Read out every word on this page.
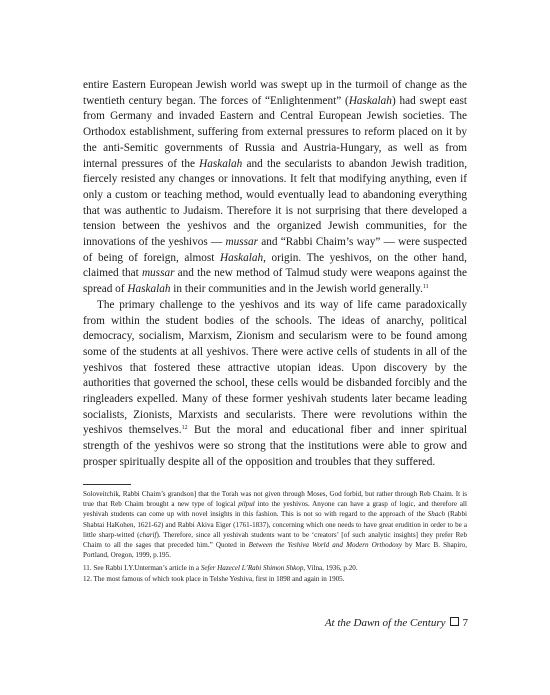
entire Eastern European Jewish world was swept up in the turmoil of change as the twentieth century began. The forces of “Enlightenment” (Haskalah) had swept east from Germany and invaded Eastern and Central European Jewish societies. The Orthodox establishment, suffering from external pressures to reform placed on it by the anti-Semitic governments of Russia and Austria-Hungary, as well as from internal pressures of the Haskalah and the secularists to abandon Jewish tradition, fiercely resisted any changes or innovations. It felt that modifying anything, even if only a custom or teaching method, would eventually lead to abandoning everything that was authentic to Judaism. Therefore it is not surprising that there developed a tension between the yeshivos and the organized Jewish communities, for the innovations of the yeshivos — mussar and “Rabbi Chaim’s way” — were suspected of being of foreign, almost Haskalah, origin. The yeshivos, on the other hand, claimed that mussar and the new method of Talmud study were weapons against the spread of Haskalah in their communities and in the Jewish world generally.$^{11}$

The primary challenge to the yeshivos and its way of life came paradoxically from within the student bodies of the schools. The ideas of anarchy, political democracy, socialism, Marxism, Zionism and secularism were to be found among some of the students at all yeshivos. There were active cells of students in all of the yeshivos that fostered these attractive utopian ideas. Upon discovery by the authorities that governed the school, these cells would be disbanded forcibly and the ringleaders expelled. Many of these former yeshivah students later became leading socialists, Zionists, Marxists and secularists. There were revolutions within the yeshivos themselves.$^{12}$ But the moral and educational fiber and inner spiritual strength of the yeshivos were so strong that the institutions were able to grow and prosper spiritually despite all of the opposition and troubles that they suffered.

Soloveitchik, Rabbi Chaim’s grandson] that the Torah was not given through Moses, God forbid, but rather through Reb Chaim. It is true that Reb Chaim brought a new type of logical pilpul into the yeshivos. Anyone can have a grasp of logic, and therefore all yeshivah students can come up with novel insights in this fashion. This is not so with regard to the approach of the Shach (Rabbi Shabtai HaKohen, 1621-62) and Rabbi Akiva Eiger (1761-1837), concerning which one needs to have great erudition in order to be a little sharp-witted (charif). Therefore, since all yeshivah students want to be ‘creators’ [of such analytic insights] they prefer Reb Chaim to all the sages that preceded him.” Quoted in Between the Yeshiva World and Modern Orthodoxy by Marc B. Shapiro, Portland, Oregon, 1999, p.195.

11. See Rabbi I.Y.Unterman’s article in a Sefer Hazecel L’Rabi Shimon Shkop, Vilna, 1936, p.20.

12. The most famous of which took place in Telshe Yeshiva, first in 1898 and again in 1905.

At the Dawn of the Century 7
